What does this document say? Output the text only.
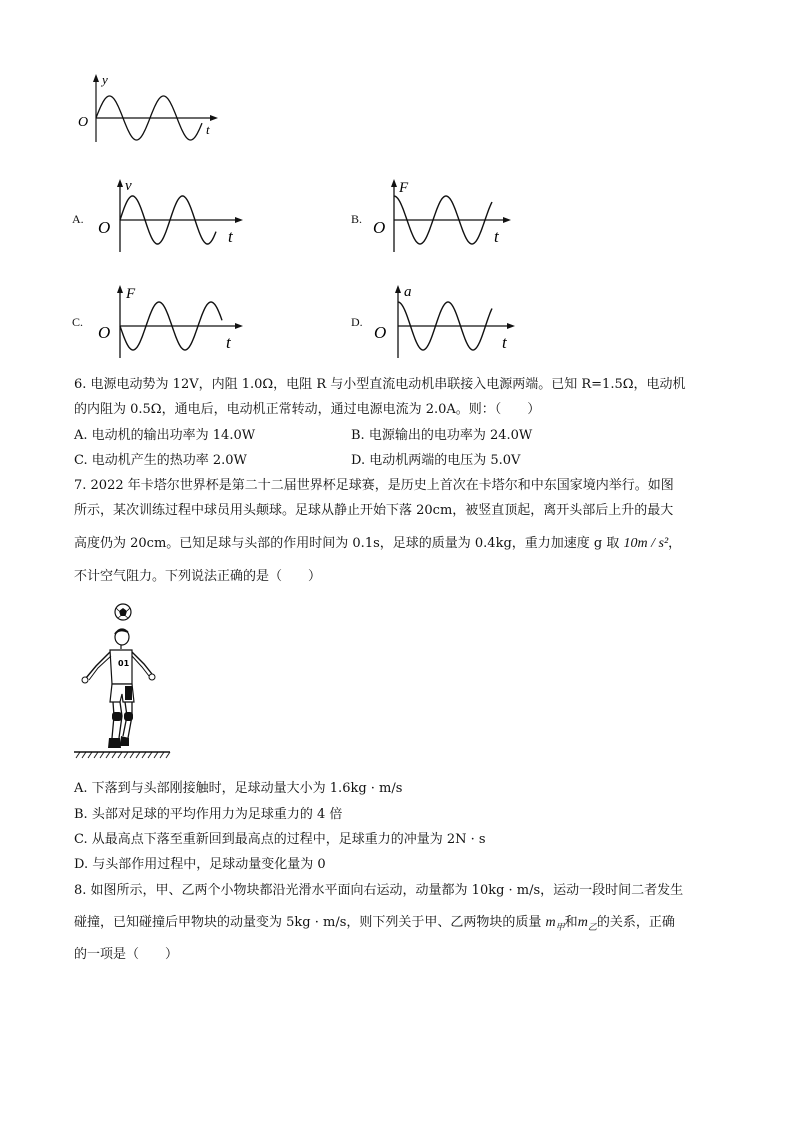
y
t
O
A.
v
t
O	B.
F
t
O
C.
F
t
O
D.
a
t
O
6. 电源电动势为 12V，内阻 1.0Ω，电阻 R 与小型直流电动机串联接入电源两端。已知 R=1.5Ω，电动机
的内阻为 0.5Ω，通电后，电动机正常转动，通过电源电流为 2.0A。则：（　　）
A. 电动机的输出功率为 14.0W	B. 电源输出的电功率为 24.0W
C. 电动机产生的热功率 2.0W	D. 电动机两端的电压为 5.0V
7. 2022 年卡塔尔世界杯是第二十二届世界杯足球赛，是历史上首次在卡塔尔和中东国家境内举行。如图
所示，某次训练过程中球员用头颠球。足球从静止开始下落 20cm，被竖直顶起，离开头部后上升的最大
高度仍为 20cm。已知足球与头部的作用时间为 0.1s，足球的质量为 0.4kg，重力加速度 g 取 10m / s²，
不计空气阻力。下列说法正确的是（　　）
01
A. 下落到与头部刚接触时，足球动量大小为 1.6kg · m/s
B. 头部对足球的平均作用力为足球重力的 4 倍
C. 从最高点下落至重新回到最高点的过程中，足球重力的冲量为 2N · s
D. 与头部作用过程中，足球动量变化量为 0
8. 如图所示，甲、乙两个小物块都沿光滑水平面向右运动，动量都为 10kg · m/s，运动一段时间二者发生
碰撞，已知碰撞后甲物块的动量变为 5kg · m/s，则下列关于甲、乙两物块的质量 $m_甲$和$m_乙$的关系，正确
的一项是（　　）
